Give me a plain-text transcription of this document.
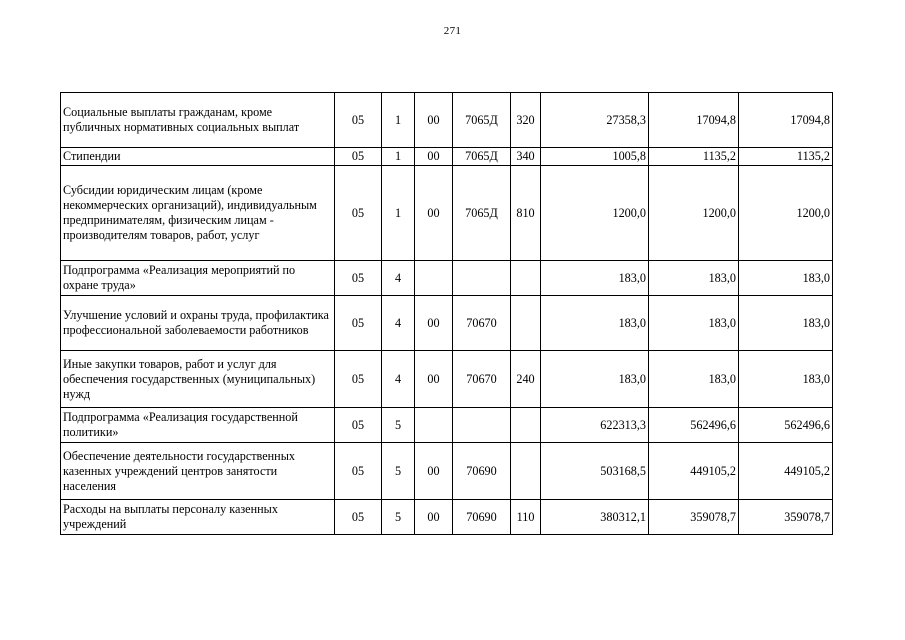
271
Социальные выплаты гражданам, кроме публичных нормативных социальных выплат	05	1	00	7065Д	320	27358,3	17094,8	17094,8
Стипендии	05	1	00	7065Д	340	1005,8	1135,2	1135,2
Субсидии юридическим лицам (кроме некоммерческих организаций), индивидуальным предпринимателям, физическим лицам - производителям товаров, работ, услуг	05	1	00	7065Д	810	1200,0	1200,0	1200,0
Подпрограмма «Реализация мероприятий по охране труда»	05	4				183,0	183,0	183,0
Улучшение условий и охраны труда, профилактика профессиональной заболеваемости работников	05	4	00	70670		183,0	183,0	183,0
Иные закупки товаров, работ и услуг для обеспечения государственных (муниципальных) нужд	05	4	00	70670	240	183,0	183,0	183,0
Подпрограмма «Реализация государственной политики»	05	5				622313,3	562496,6	562496,6
Обеспечение деятельности государственных казенных учреждений центров занятости населения	05	5	00	70690		503168,5	449105,2	449105,2
Расходы на выплаты персоналу казенных учреждений	05	5	00	70690	110	380312,1	359078,7	359078,7
